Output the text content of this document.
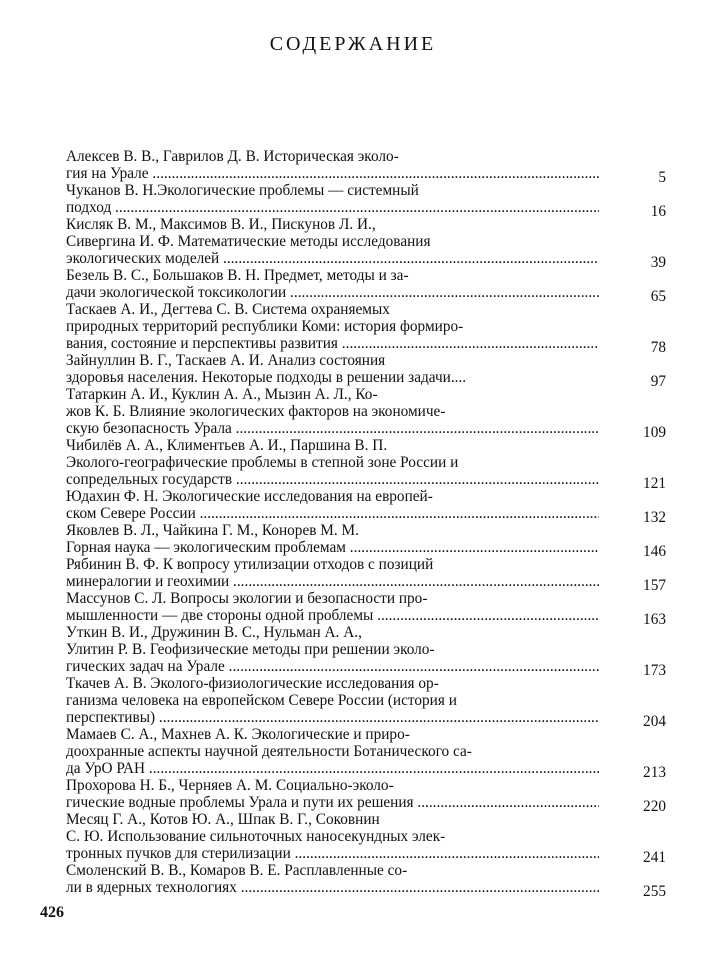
СОДЕРЖАНИЕ
Алексев В. В., Гаврилов Д. В. Историческая эколо-
гия на Урале .....	5
Чуканов В. Н.Экологические проблемы — системный
подход .....	16
Кисляк В. М., Максимов В. И., Пискунов Л. И.,
Сивергина И. Ф. Математические методы исследования
экологических моделей .....	39
Безель В. С., Большаков В. Н. Предмет, методы и за-
дачи экологической токсикологии .....	65
Таскаев А. И., Дегтева С. В. Система охраняемых
природных территорий республики Коми: история формиро-
вания, состояние и перспективы развития .....	78
Зайнуллин В. Г., Таскаев А. И. Анализ состояния
здоровья населения. Некоторые подходы в решении задачи....	97
Татаркин А. И., Куклин А. А., Мызин А. Л., Ко-
жов К. Б. Влияние экологических факторов на экономиче-
скую безопасность Урала .....	109
Чибилёв А. А., Климентьев А. И., Паршина В. П.
Эколого-географические проблемы в степной зоне России и
сопредельных государств .....	121
Юдахин Ф. Н. Экологические исследования на европей-
ском Севере России .....	132
Яковлев В. Л., Чайкина Г. М., Конорев М. М.
Горная наука — экологическим проблемам .....	146
Рябинин В. Ф. К вопросу утилизации отходов с позиций
минералогии и геохимии .....	157
Массунов С. Л. Вопросы экологии и безопасности про-
мышленности — две стороны одной проблемы .....	163
Уткин В. И., Дружинин В. С., Нульман А. А.,
Улитин Р. В. Геофизические методы при решении эколо-
гических задач на Урале .....	173
Ткачев А. В. Эколого-физиологические исследования ор-
ганизма человека на европейском Севере России (история и
перспективы) .....	204
Мамаев С. А., Махнев А. К. Экологические и приро-
доохранные аспекты научной деятельности Ботанического са-
да УрО РАН .....	213
Прохорова Н. Б., Черняев А. М. Социально-эколо-
гические водные проблемы Урала и пути их решения .....	220
Месяц Г. А., Котов Ю. А., Шпак В. Г., Соковнин
С. Ю. Использование сильноточных наносекундных элек-
тронных пучков для стерилизации .....	241
Смоленский В. В., Комаров В. Е. Расплавленные со-
ли в ядерных технологиях .....	255
426
